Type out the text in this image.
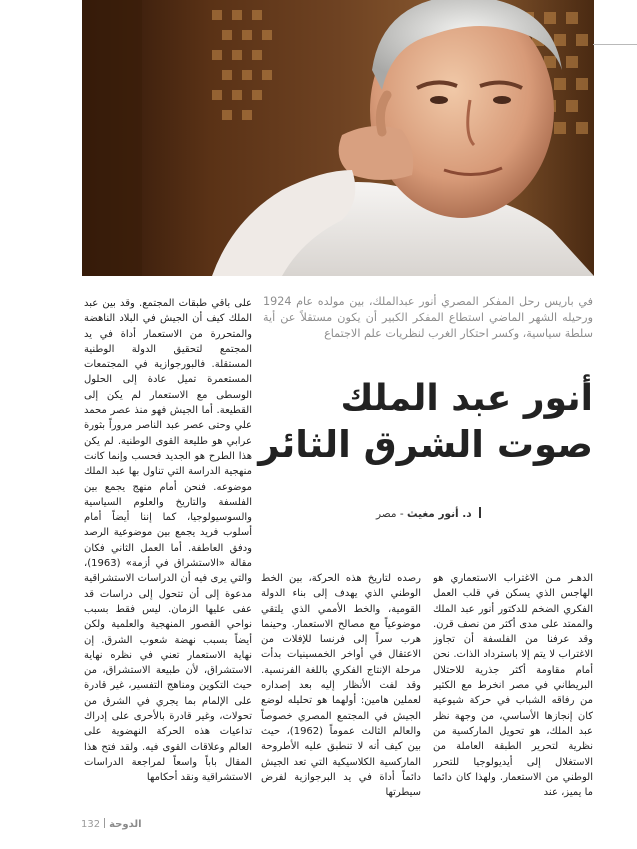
في باريس رحل المفكر المصري أنور عبدالملك، بين مولده عام 1924 ورحيله الشهر الماضي استطاع المفكر الكبير أن يكون مستقلاً عن أية سلطة سياسية، وكسر احتكار الغرب لنظريات علم الاجتماع

أنور عبد الملك
صوت الشرق الثائر
د. أنور مغيث - مصر

الدهـر مـن الاغتراب الاستعماري هو الهاجس الذي يسكن في قلب العمل الفكري الضخم للدكتور أنور عبد الملك والممتد على مدى أكثر من نصف قرن. وقد عرفنا من الفلسفة أن تجاوز الاغتراب لا يتم إلا باسترداد الذات. نحن أمام مقاومة أكثر جذرية للاحتلال البريطاني في مصر انخرط مع الكثير من رفاقه الشباب في حركة شيوعية كان إنجازها الأساسي، من وجهة نظر عبد الملك، هو تحويل الماركسية من نظرية لتحرير الطبقة العاملة من الاستغلال إلى أيديولوجيا للتحرر الوطني من الاستعمار. ولهذا كان دائما ما يميز، عند

رصده لتاريخ هذه الحركة، بين الخط الوطني الذي يهدف إلى بناء الدولة القومية، والخط الأممي الذي يلتقي موضوعياً مع مصالح الاستعمار. وحينما هرب سراً إلى فرنسا للإفلات من الاعتقال في أواخر الخمسينيات بدأت مرحلة الإنتاج الفكري باللغة الفرنسية. وقد لفت الأنظار إليه بعد إصداره لعملين هامين: أولهما هو تحليله لوضع الجيش في المجتمع المصري خصوصاً والعالم الثالث عموماً (1962)، حيث بين كيف أنه لا تنطبق عليه الأطروحة الماركسية الكلاسيكية التي تعد الجيش دائماً أداة في يد البرجوازية لفرض سيطرتها

على باقي طبقات المجتمع. وقد بين عبد الملك كيف أن الجيش في البلاد الناهضة والمتحررة من الاستعمار أداة في يد المجتمع لتحقيق الدولة الوطنية المستقلة. فالبورجوازية في المجتمعات المستعمرة تميل عادة إلى الحلول الوسطى مع الاستعمار لم يكن إلى القطيعة. أما الجيش فهو منذ عصر محمد علي وحتى عصر عبد الناصر مروراً بثورة عرابي هو طليعة القوى الوطنية. لم يكن هذا الطرح هو الجديد فحسب وإنما كانت منهجية الدراسة التي تناول بها عبد الملك موضوعه. فنحن أمام منهج يجمع بين الفلسفة والتاريخ والعلوم السياسية والسوسيولوجيا، كما إننا أيضاً أمام أسلوب فريد يجمع بين موضوعية الرصد ودفق العاطفة. أما العمل الثاني فكان مقالة «الاستشراق في أزمة» (1963)، والتي يرى فيه أن الدراسات الاستشراقية مدعوة إلى أن تتحول إلى دراسات قد عفى عليها الزمان. ليس فقط بسبب نواحي القصور المنهجية والعلمية ولكن أيضاً بسبب نهضة شعوب الشرق. إن نهاية الاستعمار تعني في نظره نهاية الاستشراق، لأن طبيعة الاستشراق، من حيث التكوين ومناهج التفسير، غير قادرة على الإلمام بما يجري في الشرق من تحولات، وغير قادرة بالأحرى على إدراك تداعيات هذه الحركة النهضوية على العالم وعلاقات القوى فيه. ولقد فتح هذا المقال باباً واسعاً لمراجعة الدراسات الاستشراقية ونقد أحكامها

الدوحة132
